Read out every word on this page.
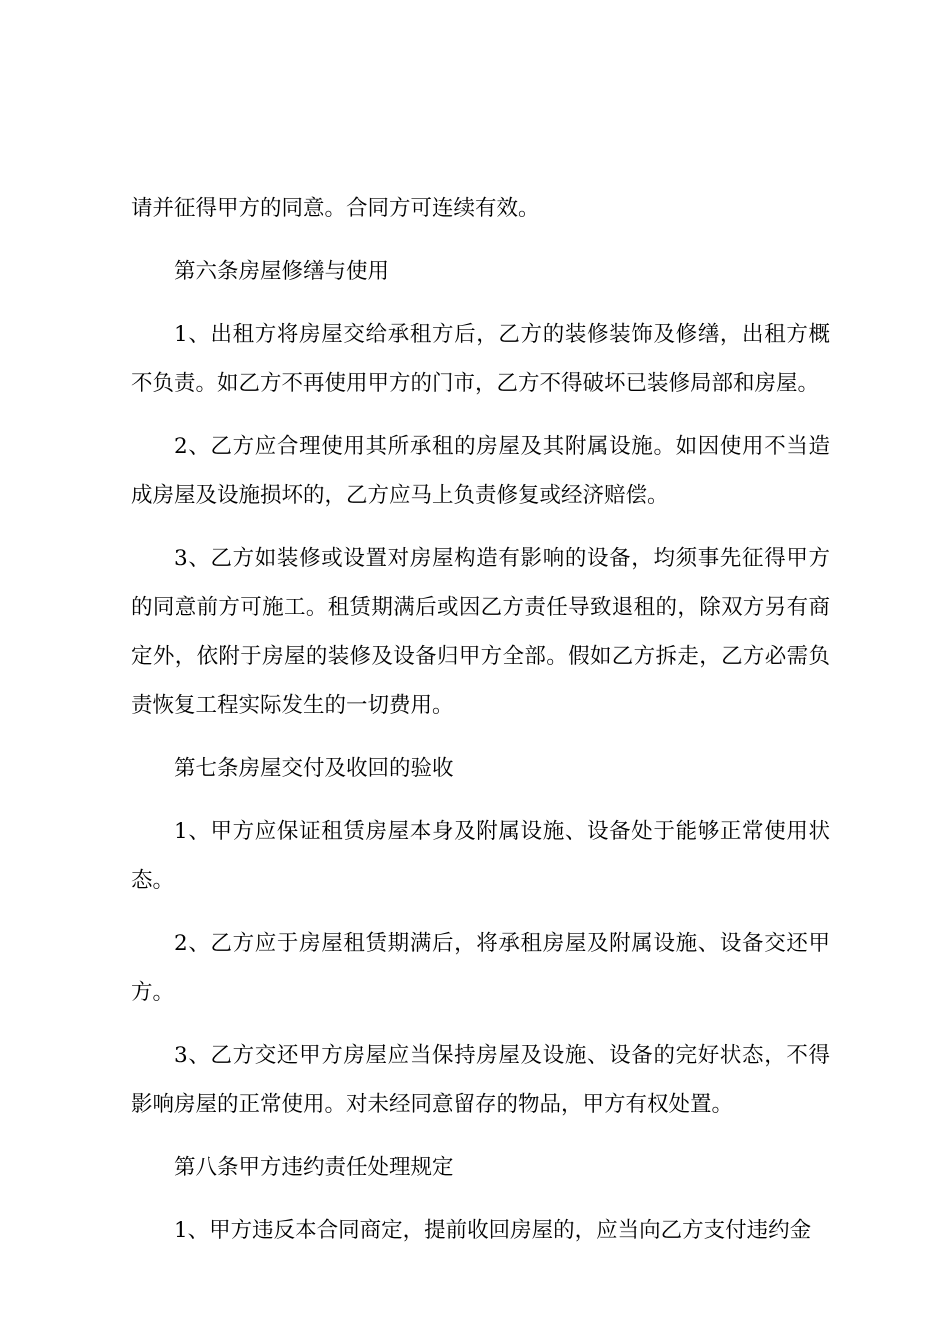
请并征得甲方的同意。合同方可连续有效。

第六条房屋修缮与使用

1、出租方将房屋交给承租方后，乙方的装修装饰及修缮，出租方概不负责。如乙方不再使用甲方的门市，乙方不得破坏已装修局部和房屋。

2、乙方应合理使用其所承租的房屋及其附属设施。如因使用不当造成房屋及设施损坏的，乙方应马上负责修复或经济赔偿。

3、乙方如装修或设置对房屋构造有影响的设备，均须事先征得甲方的同意前方可施工。租赁期满后或因乙方责任导致退租的，除双方另有商定外，依附于房屋的装修及设备归甲方全部。假如乙方拆走，乙方必需负责恢复工程实际发生的一切费用。

第七条房屋交付及收回的验收

1、甲方应保证租赁房屋本身及附属设施、设备处于能够正常使用状态。

2、乙方应于房屋租赁期满后，将承租房屋及附属设施、设备交还甲方。

3、乙方交还甲方房屋应当保持房屋及设施、设备的完好状态，不得影响房屋的正常使用。对未经同意留存的物品，甲方有权处置。

第八条甲方违约责任处理规定

1、甲方违反本合同商定，提前收回房屋的，应当向乙方支付违约金
